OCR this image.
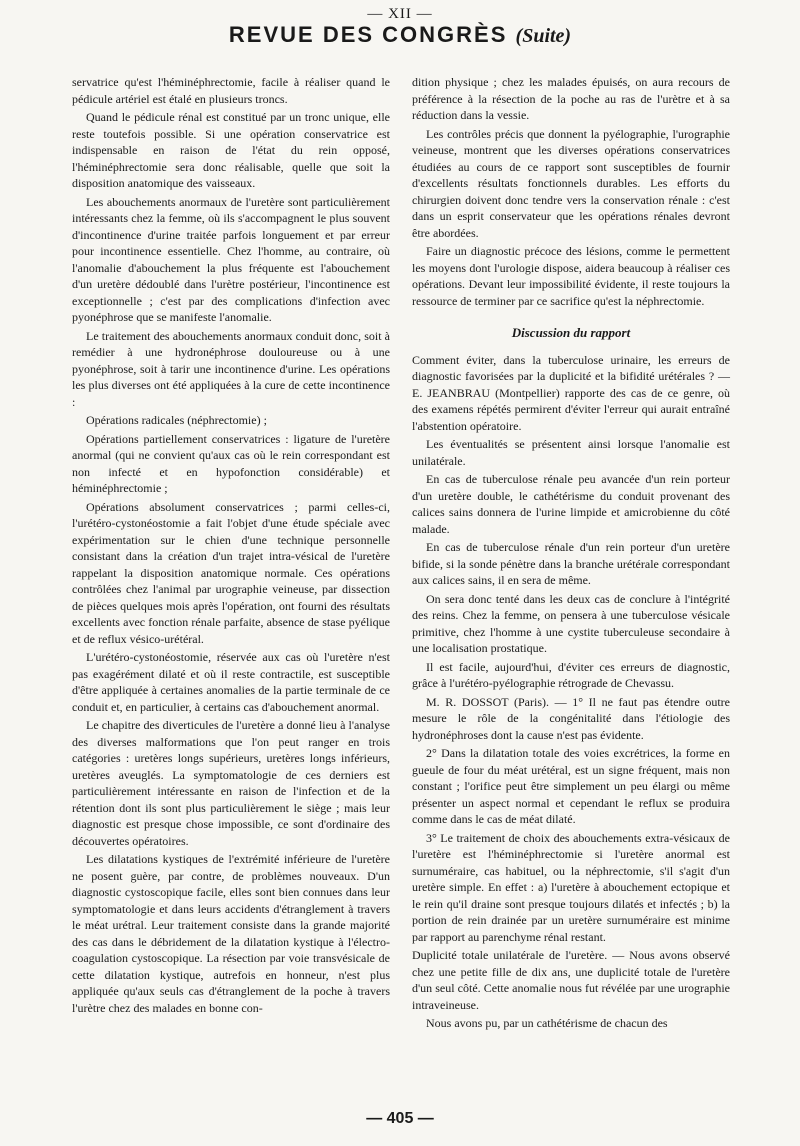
— XII —
REVUE DES CONGRÈS (Suite)

servatrice qu'est l'héminéphrectomie, facile à réaliser quand le pédicule artériel est étalé en plusieurs troncs.

Quand le pédicule rénal est constitué par un tronc unique, elle reste toutefois possible. Si une opération conservatrice est indispensable en raison de l'état du rein opposé, l'héminéphrectomie sera donc réalisable, quelle que soit la disposition anatomique des vaisseaux.

Les abouchements anormaux de l'uretère sont particulièrement intéressants chez la femme, où ils s'accompagnent le plus souvent d'incontinence d'urine traitée parfois longuement et par erreur pour incontinence essentielle. Chez l'homme, au contraire, où l'anomalie d'abouchement la plus fréquente est l'abouchement d'un uretère dédoublé dans l'urètre postérieur, l'incontinence est exceptionnelle ; c'est par des complications d'infection avec pyonéphrose que se manifeste l'anomalie.

Le traitement des abouchements anormaux conduit donc, soit à remédier à une hydronéphrose douloureuse ou à une pyonéphrose, soit à tarir une incontinence d'urine. Les opérations les plus diverses ont été appliquées à la cure de cette incontinence :

Opérations radicales (néphrectomie) ;

Opérations partiellement conservatrices : ligature de l'uretère anormal (qui ne convient qu'aux cas où le rein correspondant est non infecté et en hypofonction considérable) et héminéphrectomie ;

Opérations absolument conservatrices ; parmi celles-ci, l'urétéro-cystonéostomie a fait l'objet d'une étude spéciale avec expérimentation sur le chien d'une technique personnelle consistant dans la création d'un trajet intra-vésical de l'uretère rappelant la disposition anatomique normale. Ces opérations contrôlées chez l'animal par urographie veineuse, par dissection de pièces quelques mois après l'opération, ont fourni des résultats excellents avec fonction rénale parfaite, absence de stase pyélique et de reflux vésico-urétéral.

L'urétéro-cystonéostomie, réservée aux cas où l'uretère n'est pas exagérément dilaté et où il reste contractile, est susceptible d'être appliquée à certaines anomalies de la partie terminale de ce conduit et, en particulier, à certains cas d'abouchement anormal.

Le chapitre des diverticules de l'uretère a donné lieu à l'analyse des diverses malformations que l'on peut ranger en trois catégories : uretères longs supérieurs, uretères longs inférieurs, uretères aveuglés. La symptomatologie de ces derniers est particulièrement intéressante en raison de l'infection et de la rétention dont ils sont plus particulièrement le siège ; mais leur diagnostic est presque chose impossible, ce sont d'ordinaire des découvertes opératoires.

Les dilatations kystiques de l'extrémité inférieure de l'uretère ne posent guère, par contre, de problèmes nouveaux. D'un diagnostic cystoscopique facile, elles sont bien connues dans leur symptomatologie et dans leurs accidents d'étranglement à travers le méat urétral. Leur traitement consiste dans la grande majorité des cas dans le débridement de la dilatation kystique à l'électro-coagulation cystoscopique. La résection par voie transvésicale de cette dilatation kystique, autrefois en honneur, n'est plus appliquée qu'aux seuls cas d'étranglement de la poche à travers l'urètre chez des malades en bonne con-

dition physique ; chez les malades épuisés, on aura recours de préférence à la résection de la poche au ras de l'urètre et à sa réduction dans la vessie.

Les contrôles précis que donnent la pyélographie, l'urographie veineuse, montrent que les diverses opérations conservatrices étudiées au cours de ce rapport sont susceptibles de fournir d'excellents résultats fonctionnels durables. Les efforts du chirurgien doivent donc tendre vers la conservation rénale : c'est dans un esprit conservateur que les opérations rénales devront être abordées.

Faire un diagnostic précoce des lésions, comme le permettent les moyens dont l'urologie dispose, aidera beaucoup à réaliser ces opérations. Devant leur impossibilité évidente, il reste toujours la ressource de terminer par ce sacrifice qu'est la néphrectomie.

Discussion du rapport

Comment éviter, dans la tuberculose urinaire, les erreurs de diagnostic favorisées par la duplicité et la bifidité urétérales ? — E. JEANBRAU (Montpellier) rapporte des cas de ce genre, où des examens répétés permirent d'éviter l'erreur qui aurait entraîné l'abstention opératoire.

Les éventualités se présentent ainsi lorsque l'anomalie est unilatérale.

En cas de tuberculose rénale peu avancée d'un rein porteur d'un uretère double, le cathétérisme du conduit provenant des calices sains donnera de l'urine limpide et amicrobienne du côté malade.

En cas de tuberculose rénale d'un rein porteur d'un uretère bifide, si la sonde pénètre dans la branche urétérale correspondant aux calices sains, il en sera de même.

On sera donc tenté dans les deux cas de conclure à l'intégrité des reins. Chez la femme, on pensera à une tuberculose vésicale primitive, chez l'homme à une cystite tuberculeuse secondaire à une localisation prostatique.

Il est facile, aujourd'hui, d'éviter ces erreurs de diagnostic, grâce à l'urétéro-pyélographie rétrograde de Chevassu.

M. R. DOSSOT (Paris). — 1° Il ne faut pas étendre outre mesure le rôle de la congénitalité dans l'étiologie des hydronéphroses dont la cause n'est pas évidente.

2° Dans la dilatation totale des voies excrétrices, la forme en gueule de four du méat urétéral, est un signe fréquent, mais non constant ; l'orifice peut être simplement un peu élargi ou même présenter un aspect normal et cependant le reflux se produira comme dans le cas de méat dilaté.

3° Le traitement de choix des abouchements extra-vésicaux de l'uretère est l'héminéphrectomie si l'uretère anormal est surnuméraire, cas habituel, ou la néphrectomie, s'il s'agit d'un uretère simple. En effet : a) l'uretère à abouchement ectopique et le rein qu'il draine sont presque toujours dilatés et infectés ; b) la portion de rein drainée par un uretère surnuméraire est minime par rapport au parenchyme rénal restant.

Duplicité totale unilatérale de l'uretère. — Nous avons observé chez une petite fille de dix ans, une duplicité totale de l'uretère d'un seul côté. Cette anomalie nous fut révélée par une urographie intraveineuse.

Nous avons pu, par un cathétérisme de chacun des

— 405 —
